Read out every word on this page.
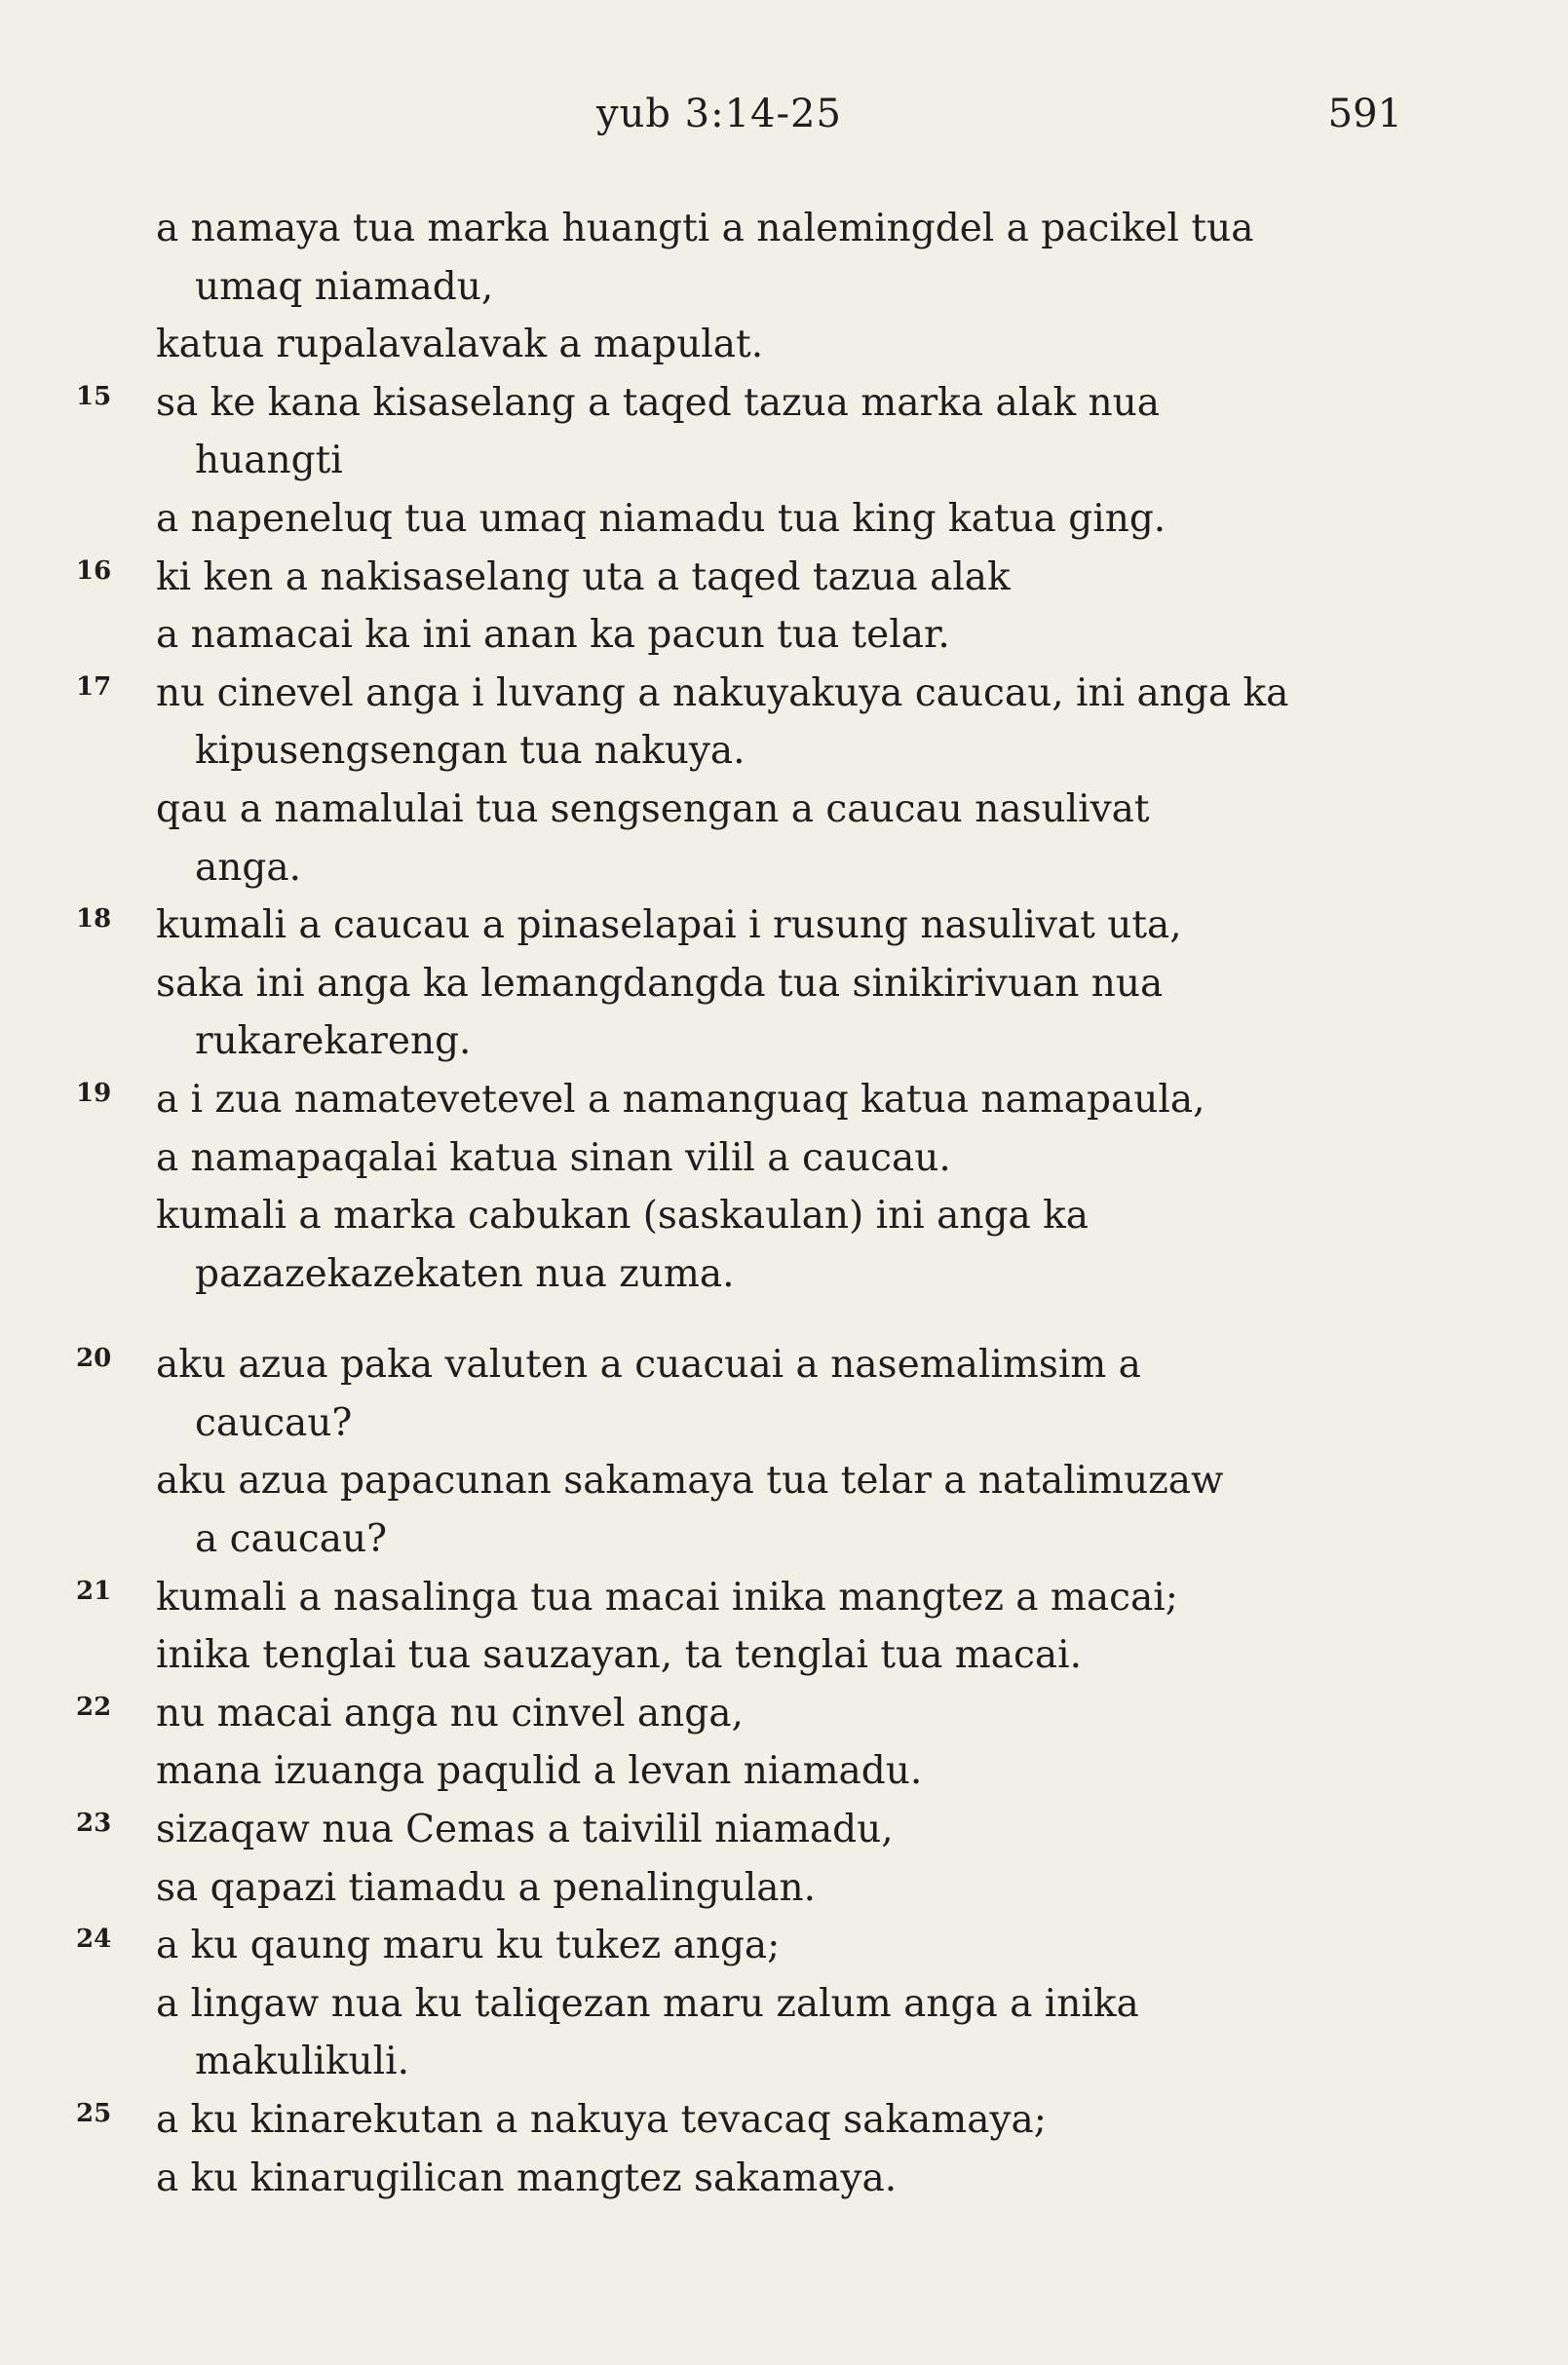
yub 3:14-25	591
a namaya tua marka huangti a nalemingdel a pacikel tua
umaq niamadu,
katua rupalavalavak a mapulat.
15 sa ke kana kisaselang a taqed tazua marka alak nua
huangti
a napeneluq tua umaq niamadu tua king katua ging.
16 ki ken a nakisaselang uta a taqed tazua alak
a namacai ka ini anan ka pacun tua telar.
17 nu cinevel anga i luvang a nakuyakuya caucau, ini anga ka
kipusengsengan tua nakuya.
qau a namalulai tua sengsengan a caucau nasulivat
anga.
18 kumali a caucau a pinaselapai i rusung nasulivat uta,
saka ini anga ka lemangdangda tua sinikirivuan nua
rukarekareng.
19 a i zua namatevetevel a namanguaq katua namapaula,
a namapaqalai katua sinan vilil a caucau.
kumali a marka cabukan (saskaulan) ini anga ka
pazazekazekaten nua zuma.
20 aku azua paka valuten a cuacuai a nasemalimsim a
caucau?
aku azua papacunan sakamaya tua telar a natalimuzaw
a caucau?
21 kumali a nasalinga tua macai inika mangtez a macai;
inika tenglai tua sauzayan, ta tenglai tua macai.
22 nu macai anga nu cinvel anga,
mana izuanga paqulid a levan niamadu.
23 sizaqaw nua Cemas a taivilil niamadu,
sa qapazi tiamadu a penalingulan.
24 a ku qaung maru ku tukez anga;
a lingaw nua ku taliqezan maru zalum anga a inika
makulikuli.
25 a ku kinarekutan a nakuya tevacaq sakamaya;
a ku kinarugilican mangtez sakamaya.
